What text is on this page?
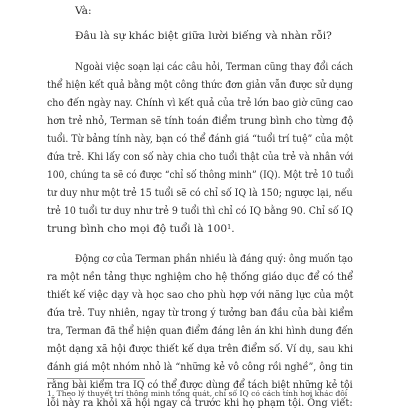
Và:
Đâu là sự khác biệt giữa lười biếng và nhàn rỗi?
Ngoài việc soạn lại các câu hỏi, Terman cũng thay đổi cách
thể hiện kết quả bằng một công thức đơn giản vẫn được sử dụng
cho đến ngày nay. Chính vì kết quả của trẻ lớn bao giờ cũng cao
hơn trẻ nhỏ, Terman sẽ tính toán điểm trung bình cho từng độ
tuổi. Từ bảng tính này, bạn có thể đánh giá “tuổi trí tuệ” của một
đứa trẻ. Khi lấy con số này chia cho tuổi thật của trẻ và nhân với
100, chúng ta sẽ có được “chỉ số thông minh” (IQ). Một trẻ 10 tuổi
tư duy như một trẻ 15 tuổi sẽ có chỉ số IQ là 150; ngược lại, nếu
trẻ 10 tuổi tư duy như trẻ 9 tuổi thì chỉ có IQ bằng 90. Chỉ số IQ
trung bình cho mọi độ tuổi là $100^1$.
Động cơ của Terman phần nhiều là đáng quý: ông muốn tạo
ra một nền tảng thực nghiệm cho hệ thống giáo dục để có thể
thiết kế việc dạy và học sao cho phù hợp với năng lực của một
đứa trẻ. Tuy nhiên, ngay từ trong ý tưởng ban đầu của bài kiểm
tra, Terman đã thể hiện quan điểm đáng lên án khi hình dung đến
một dạng xã hội được thiết kế dựa trên điểm số. Ví dụ, sau khi
đánh giá một nhóm nhỏ là “những kẻ vô công rồi nghề”, ông tin
rằng bài kiểm tra IQ có thể được dùng để tách biệt những kẻ tội
lỗi này ra khỏi xã hội ngay cả trước khi họ phạm tội. Ông viết:
1. Theo lý thuyết trí thông minh tổng quát, chỉ số IQ có cách tính hơi khác đôi
